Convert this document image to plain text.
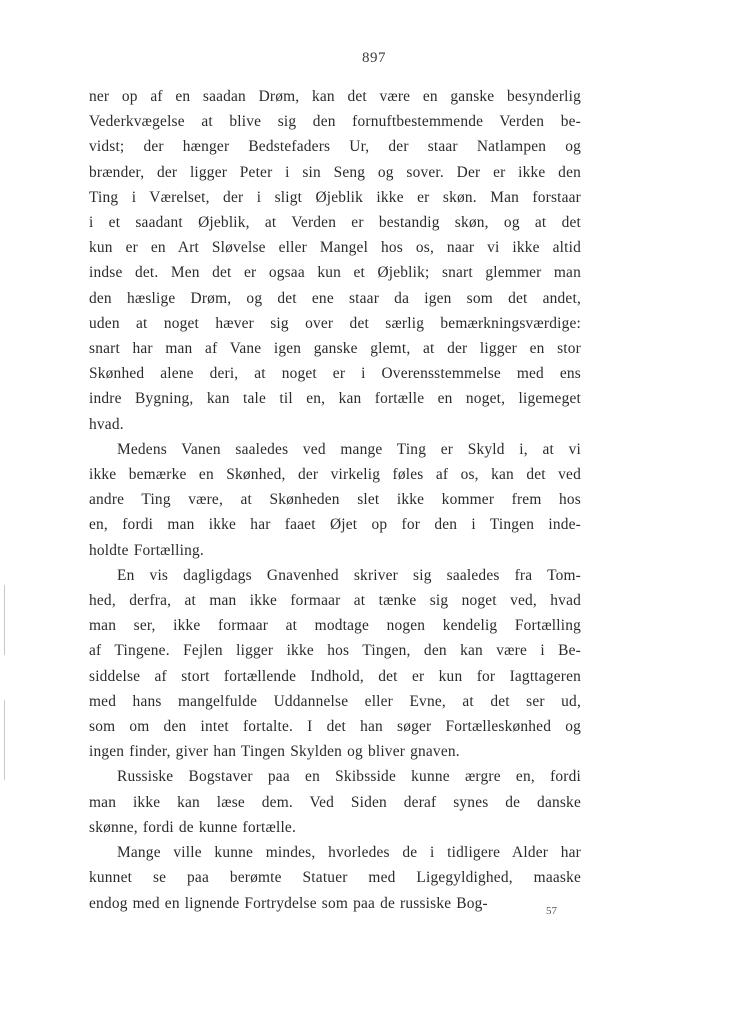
897
ner op af en saadan Drøm, kan det være en ganske besynderlig
Vederkvægelse at blive sig den fornuftbestemmende Verden be-
vidst; der hænger Bedstefaders Ur, der staar Natlampen og
brænder, der ligger Peter i sin Seng og sover. Der er ikke den
Ting i Værelset, der i sligt Øjeblik ikke er skøn. Man forstaar
i et saadant Øjeblik, at Verden er bestandig skøn, og at det
kun er en Art Sløvelse eller Mangel hos os, naar vi ikke altid
indse det. Men det er ogsaa kun et Øjeblik; snart glemmer man
den hæslige Drøm, og det ene staar da igen som det andet,
uden at noget hæver sig over det særlig bemærkningsværdige:
snart har man af Vane igen ganske glemt, at der ligger en stor
Skønhed alene deri, at noget er i Overensstemmelse med ens
indre Bygning, kan tale til en, kan fortælle en noget, ligemeget
hvad.
Medens Vanen saaledes ved mange Ting er Skyld i, at vi
ikke bemærke en Skønhed, der virkelig føles af os, kan det ved
andre Ting være, at Skønheden slet ikke kommer frem hos
en, fordi man ikke har faaet Øjet op for den i Tingen inde-
holdte Fortælling.
En vis dagligdags Gnavenhed skriver sig saaledes fra Tom-
hed, derfra, at man ikke formaar at tænke sig noget ved, hvad
man ser, ikke formaar at modtage nogen kendelig Fortælling
af Tingene. Fejlen ligger ikke hos Tingen, den kan være i Be-
siddelse af stort fortællende Indhold, det er kun for Iagttageren
med hans mangelfulde Uddannelse eller Evne, at det ser ud,
som om den intet fortalte. I det han søger Fortælleskønhed og
ingen finder, giver han Tingen Skylden og bliver gnaven.
Russiske Bogstaver paa en Skibsside kunne ærgre en, fordi
man ikke kan læse dem. Ved Siden deraf synes de danske
skønne, fordi de kunne fortælle.
Mange ville kunne mindes, hvorledes de i tidligere Alder har
kunnet se paa berømte Statuer med Ligegyldighed, maaske
endog med en lignende Fortrydelse som paa de russiske Bog-	57
